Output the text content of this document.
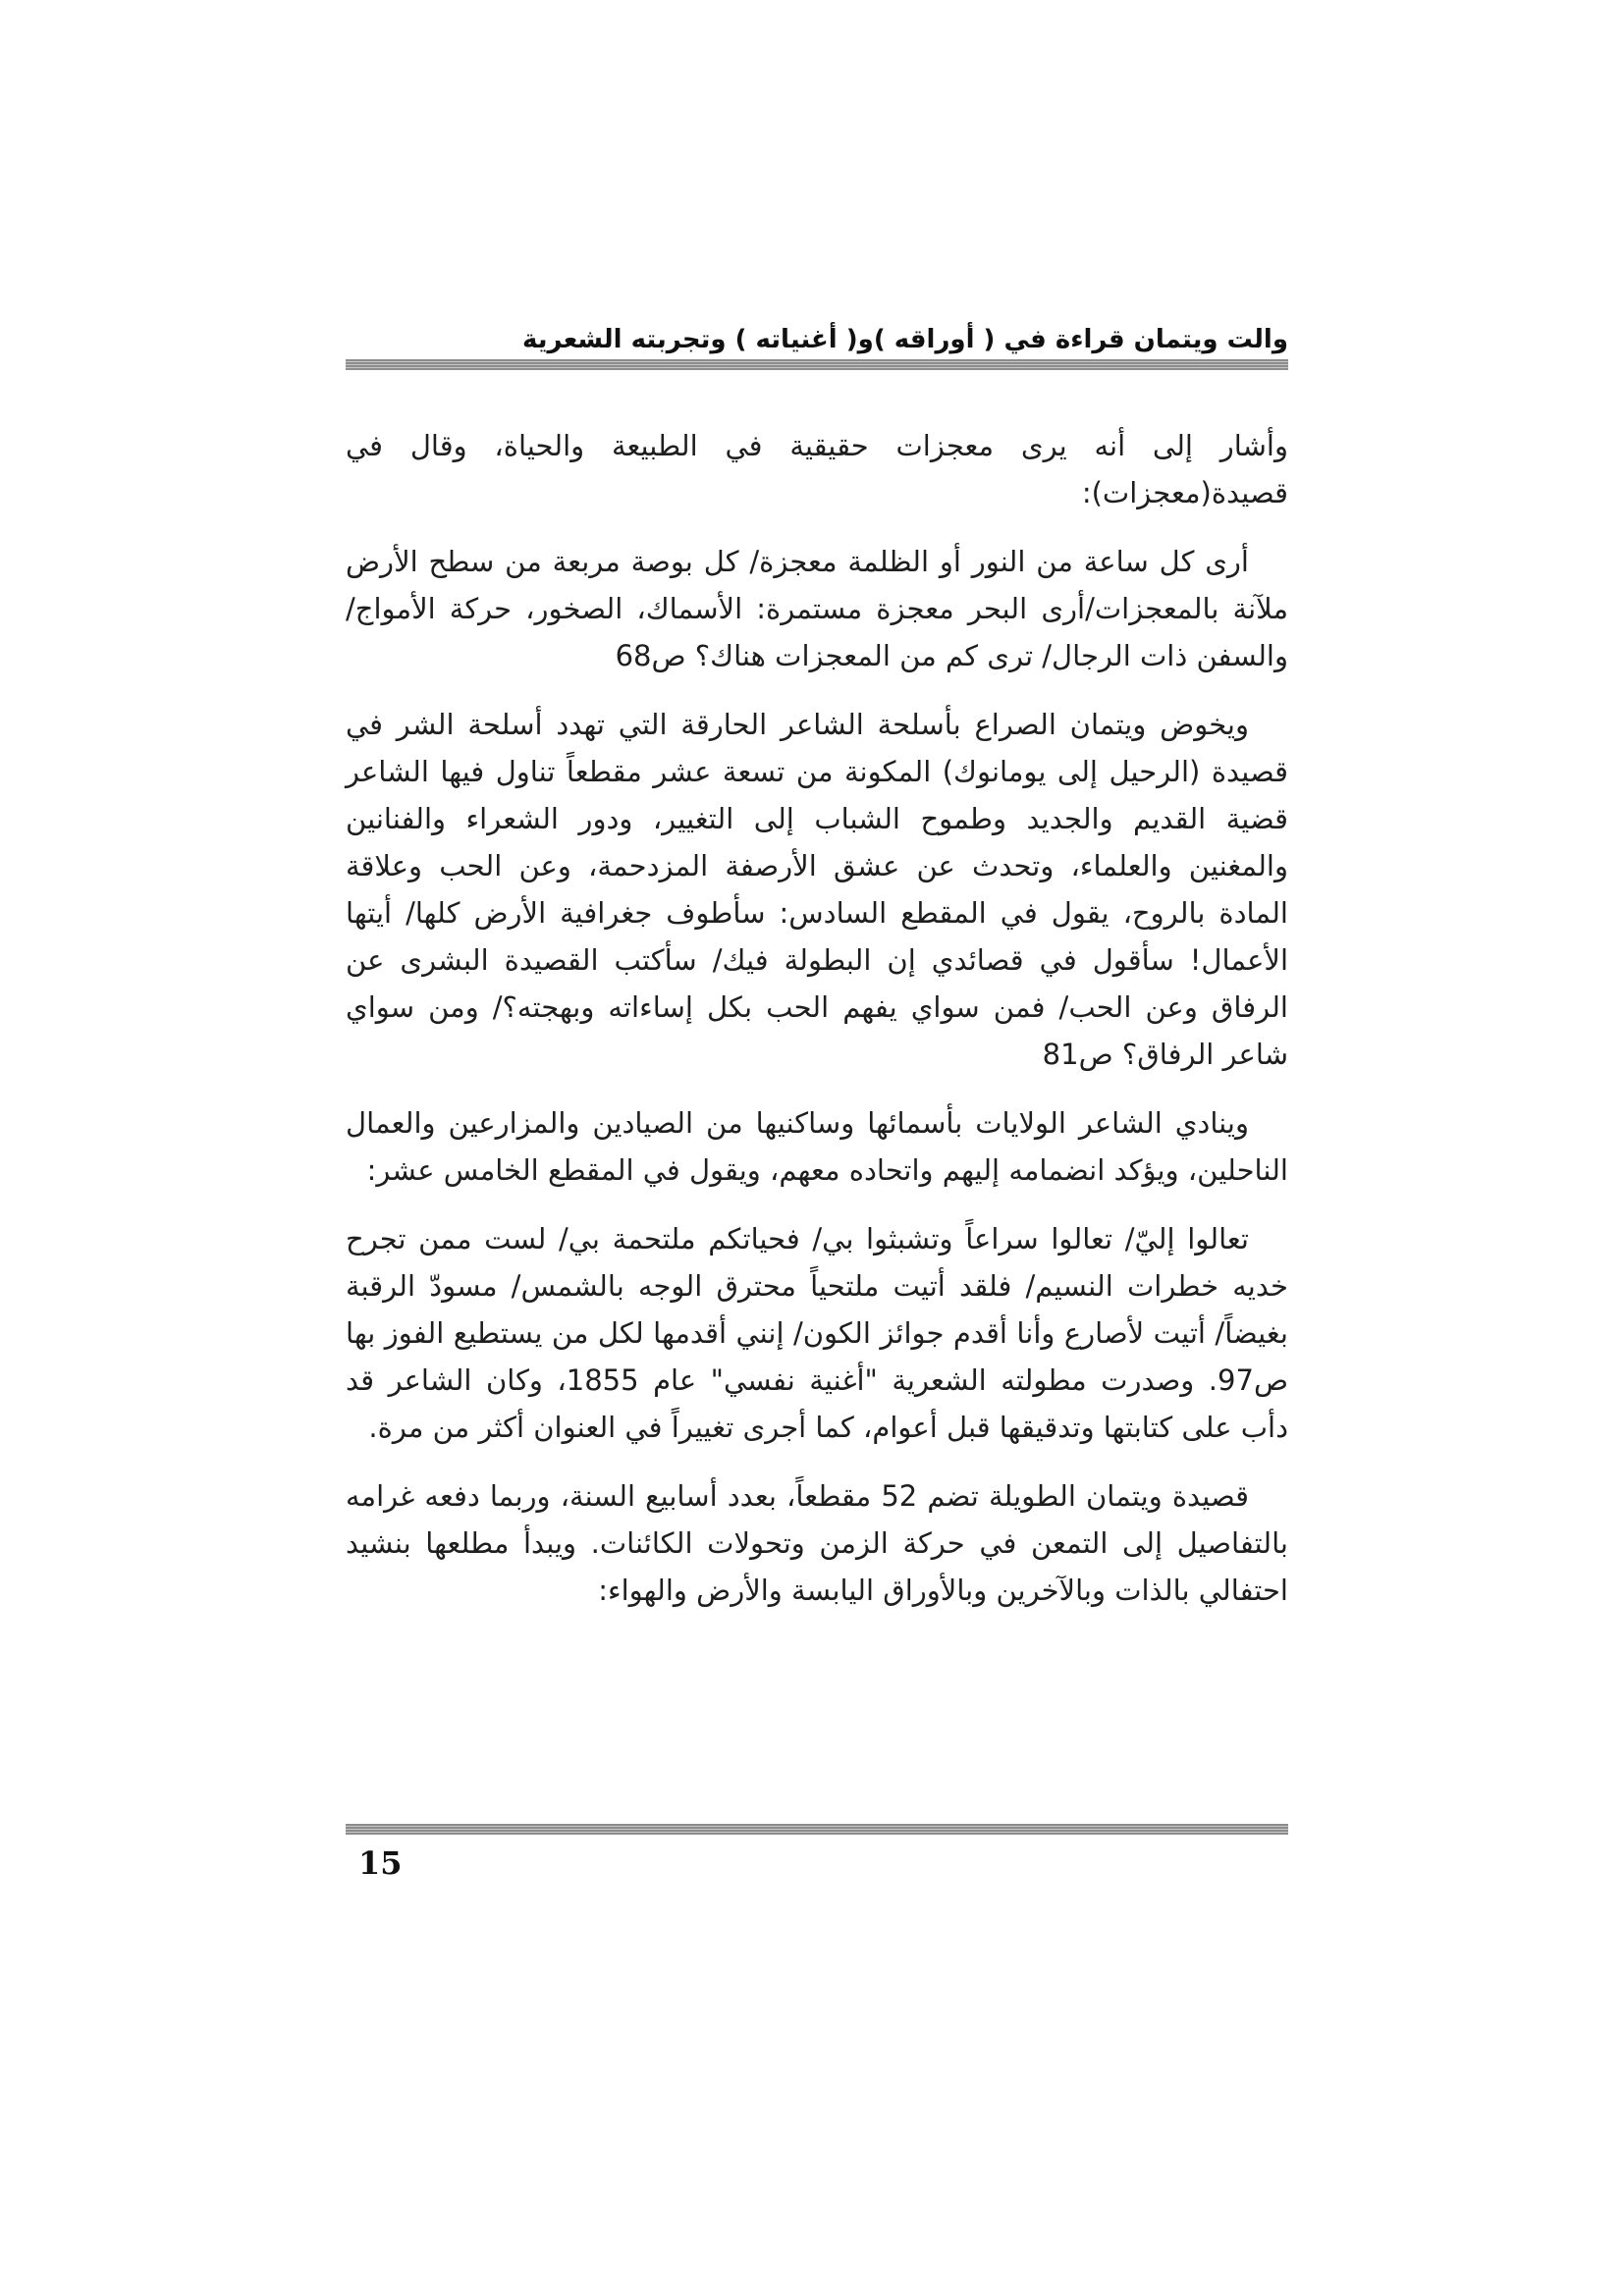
والت ويتمان قراءة في ( أوراقه )و( أغنياته ) وتجربته الشعرية

وأشار إلى أنه يرى معجزات حقيقية في الطبيعة والحياة، وقال في قصيدة(معجزات):

أرى كل ساعة من النور أو الظلمة معجزة/ كل بوصة مربعة من سطح الأرض ملآنة بالمعجزات/أرى البحر معجزة مستمرة: الأسماك، الصخور، حركة الأمواج/ والسفن ذات الرجال/ ترى كم من المعجزات هناك؟ ص68

ويخوض ويتمان الصراع بأسلحة الشاعر الحارقة التي تهدد أسلحة الشر في قصيدة (الرحيل إلى يومانوك) المكونة من تسعة عشر مقطعاً تناول فيها الشاعر قضية القديم والجديد وطموح الشباب إلى التغيير، ودور الشعراء والفنانين والمغنين والعلماء، وتحدث عن عشق الأرصفة المزدحمة، وعن الحب وعلاقة المادة بالروح، يقول في المقطع السادس: سأطوف جغرافية الأرض كلها/ أيتها الأعمال! سأقول في قصائدي إن البطولة فيك/ سأكتب القصيدة البشرى عن الرفاق وعن الحب/ فمن سواي يفهم الحب بكل إساءاته وبهجته؟/ ومن سواي شاعر الرفاق؟ ص81

وينادي الشاعر الولايات بأسمائها وساكنيها من الصيادين والمزارعين والعمال الناحلين، ويؤكد انضمامه إليهم واتحاده معهم، ويقول في المقطع الخامس عشر:

تعالوا إليّ/ تعالوا سراعاً وتشبثوا بي/ فحياتكم ملتحمة بي/ لست ممن تجرح خديه خطرات النسيم/ فلقد أتيت ملتحياً محترق الوجه بالشمس/ مسودّ الرقبة بغيضاً/ أتيت لأصارع وأنا أقدم جوائز الكون/ إنني أقدمها لكل من يستطيع الفوز بها ص97. وصدرت مطولته الشعرية "أغنية نفسي" عام 1855، وكان الشاعر قد دأب على كتابتها وتدقيقها قبل أعوام، كما أجرى تغييراً في العنوان أكثر من مرة.

قصيدة ويتمان الطويلة تضم 52 مقطعاً، بعدد أسابيع السنة، وربما دفعه غرامه بالتفاصيل إلى التمعن في حركة الزمن وتحولات الكائنات. ويبدأ مطلعها بنشيد احتفالي بالذات وبالآخرين وبالأوراق اليابسة والأرض والهواء:

15
